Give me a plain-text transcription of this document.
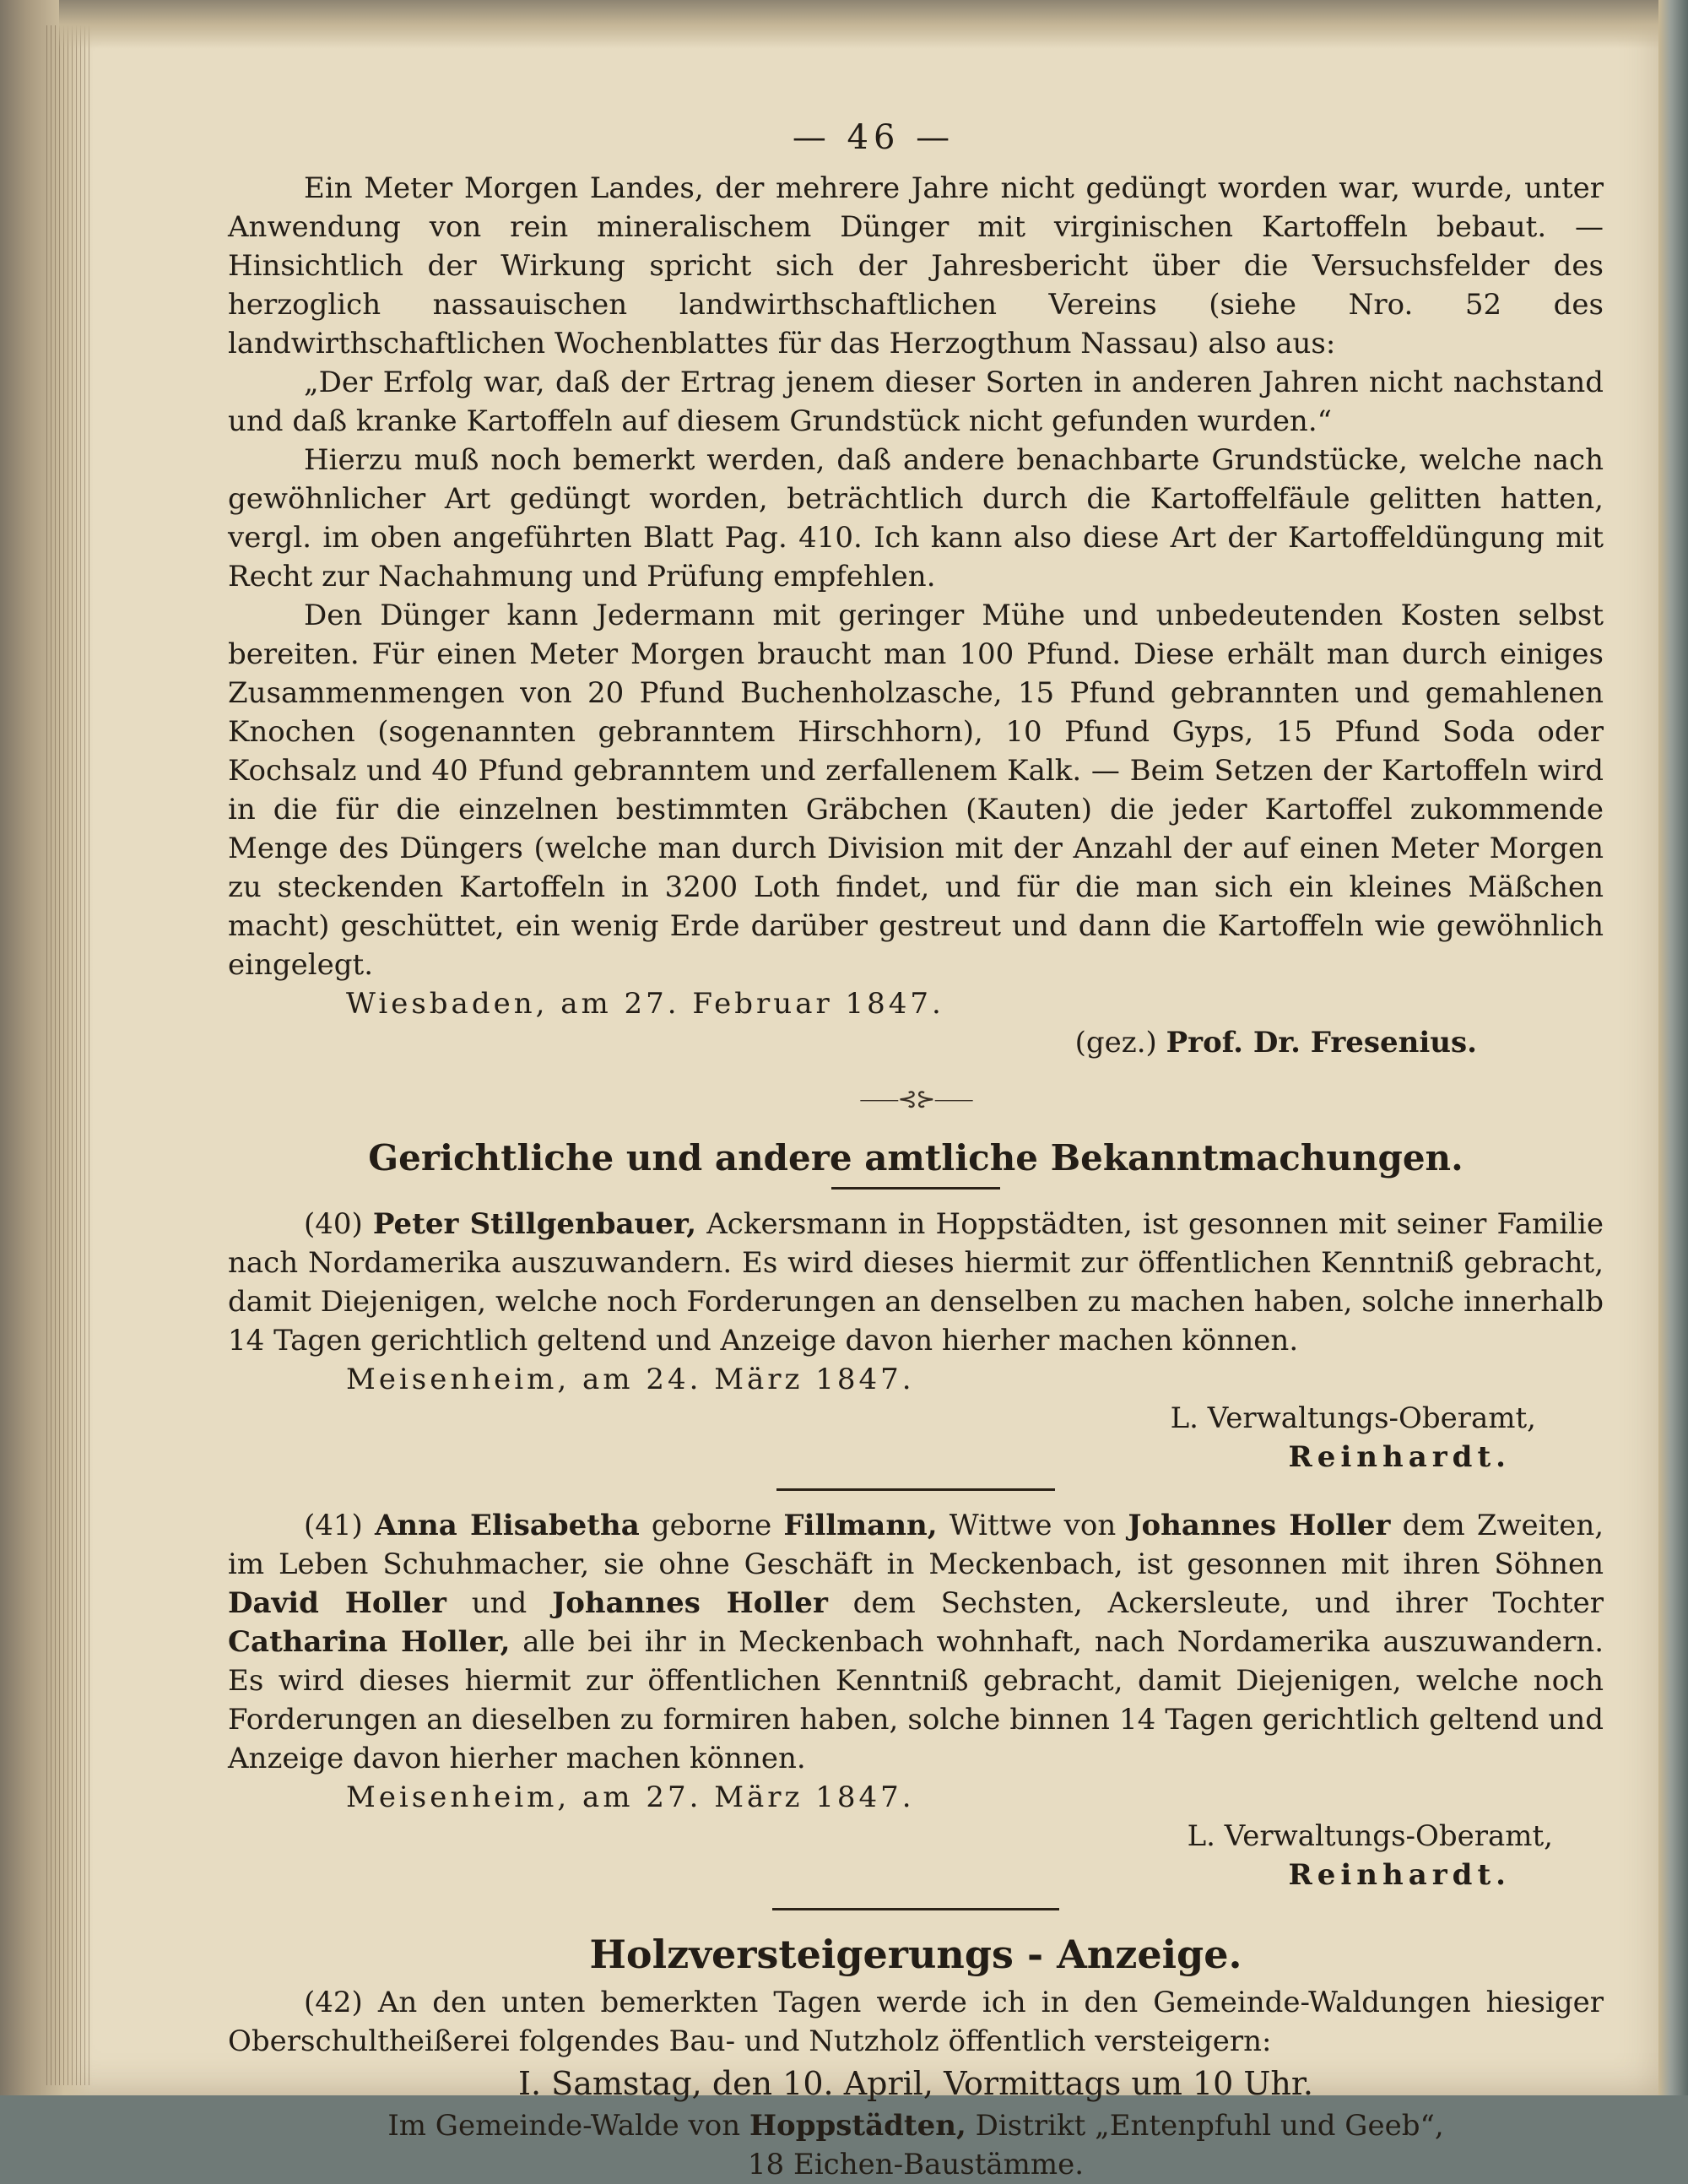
— 46 —

Ein Meter Morgen Landes, der mehrere Jahre nicht gedüngt worden war, wurde, unter Anwendung von rein mineralischem Dünger mit virginischen Kartoffeln bebaut. — Hinsichtlich der Wirkung spricht sich der Jahresbericht über die Versuchsfelder des herzoglich nassauischen landwirthschaftlichen Vereins (siehe Nro. 52 des landwirthschaftlichen Wochenblattes für das Herzogthum Nassau) also aus:

„Der Erfolg war, daß der Ertrag jenem dieser Sorten in anderen Jahren nicht nachstand und daß kranke Kartoffeln auf diesem Grundstück nicht gefunden wurden.“

Hierzu muß noch bemerkt werden, daß andere benachbarte Grundstücke, welche nach gewöhnlicher Art gedüngt worden, beträchtlich durch die Kartoffelfäule gelitten hatten, vergl. im oben angeführten Blatt Pag. 410. Ich kann also diese Art der Kartoffeldüngung mit Recht zur Nachahmung und Prüfung empfehlen.

Den Dünger kann Jedermann mit geringer Mühe und unbedeutenden Kosten selbst bereiten. Für einen Meter Morgen braucht man 100 Pfund. Diese erhält man durch einiges Zusammenmengen von 20 Pfund Buchenholzasche, 15 Pfund gebrannten und gemahlenen Knochen (sogenannten gebranntem Hirschhorn), 10 Pfund Gyps, 15 Pfund Soda oder Kochsalz und 40 Pfund gebranntem und zerfallenem Kalk. — Beim Setzen der Kartoffeln wird in die für die einzelnen bestimmten Gräbchen (Kauten) die jeder Kartoffel zukommende Menge des Düngers (welche man durch Division mit der Anzahl der auf einen Meter Morgen zu steckenden Kartoffeln in 3200 Loth findet, und für die man sich ein kleines Mäßchen macht) geschüttet, ein wenig Erde darüber gestreut und dann die Kartoffeln wie gewöhnlich eingelegt.

Wiesbaden, am 27. Februar 1847.
(gez.) Prof. Dr. Fresenius.
⸺⊰⊱⸺
Gerichtliche und andere amtliche Bekanntmachungen.

(40) Peter Stillgenbauer, Ackersmann in Hoppstädten, ist gesonnen mit seiner Familie nach Nordamerika auszuwandern. Es wird dieses hiermit zur öffentlichen Kenntniß gebracht, damit Diejenigen, welche noch Forderungen an denselben zu machen haben, solche innerhalb 14 Tagen gerichtlich geltend und Anzeige davon hierher machen können.

Meisenheim, am 24. März 1847.
L. Verwaltungs-Oberamt,
Reinhardt.

(41) Anna Elisabetha geborne Fillmann, Wittwe von Johannes Holler dem Zweiten, im Leben Schuhmacher, sie ohne Geschäft in Meckenbach, ist gesonnen mit ihren Söhnen David Holler und Johannes Holler dem Sechsten, Ackersleute, und ihrer Tochter Catharina Holler, alle bei ihr in Meckenbach wohnhaft, nach Nordamerika auszuwandern. Es wird dieses hiermit zur öffentlichen Kenntniß gebracht, damit Diejenigen, welche noch Forderungen an dieselben zu formiren haben, solche binnen 14 Tagen gerichtlich geltend und Anzeige davon hierher machen können.

Meisenheim, am 27. März 1847.
L. Verwaltungs-Oberamt,
Reinhardt.
Holzversteigerungs - Anzeige.

(42) An den unten bemerkten Tagen werde ich in den Gemeinde-Waldungen hiesiger Oberschultheißerei folgendes Bau- und Nutzholz öffentlich versteigern:

I. Samstag, den 10. April, Vormittags um 10 Uhr.
Im Gemeinde-Walde von Hoppstädten, Distrikt „Entenpfuhl und Geeb“,
18 Eichen-Baustämme.
